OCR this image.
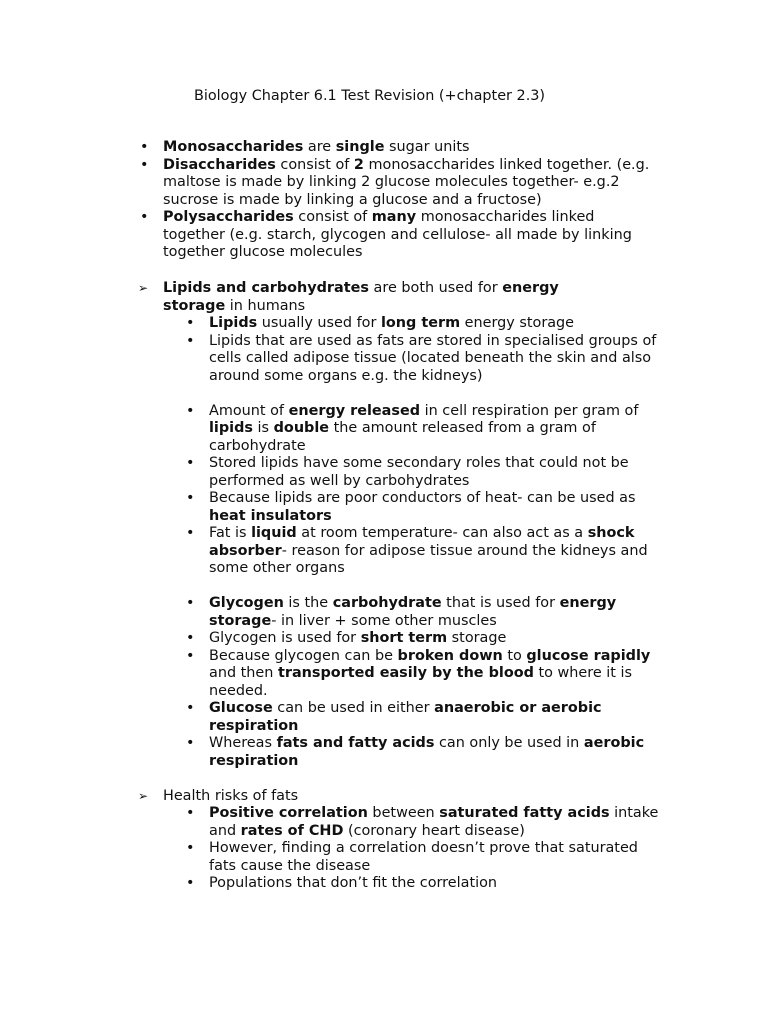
Biology Chapter 6.1 Test Revision (+chapter 2.3)
•	Monosaccharides are single sugar units
•	Disaccharides consist of 2 monosaccharides linked together. (e.g. maltose is made by linking 2 glucose molecules together- e.g.2 sucrose is made by linking a glucose and a fructose)
•	Polysaccharides consist of many monosaccharides linked together (e.g. starch, glycogen and cellulose- all made by linking together glucose molecules
➢	Lipids and carbohydrates are both used for energy storage in humans
•	Lipids usually used for long term energy storage
•	Lipids that are used as fats are stored in specialised groups of cells called adipose tissue (located beneath the skin and also around some organs e.g. the kidneys)
•	Amount of energy released in cell respiration per gram of lipids is double the amount released from a gram of carbohydrate
•	Stored lipids have some secondary roles that could not be performed as well by carbohydrates
•	Because lipids are poor conductors of heat- can be used as heat insulators
•	Fat is liquid at room temperature- can also act as a shock absorber- reason for adipose tissue around the kidneys and some other organs
•	Glycogen is the carbohydrate that is used for energy storage- in liver + some other muscles
•	Glycogen is used for short term storage
•	Because glycogen can be broken down to glucose rapidly and then transported easily by the blood to where it is needed.
•	Glucose can be used in either anaerobic or aerobic respiration
•	Whereas fats and fatty acids can only be used in aerobic respiration
➢	Health risks of fats
•	Positive correlation between saturated fatty acids intake and rates of CHD (coronary heart disease)
•	However, finding a correlation doesn’t prove that saturated fats cause the disease
•	Populations that don’t fit the correlation
